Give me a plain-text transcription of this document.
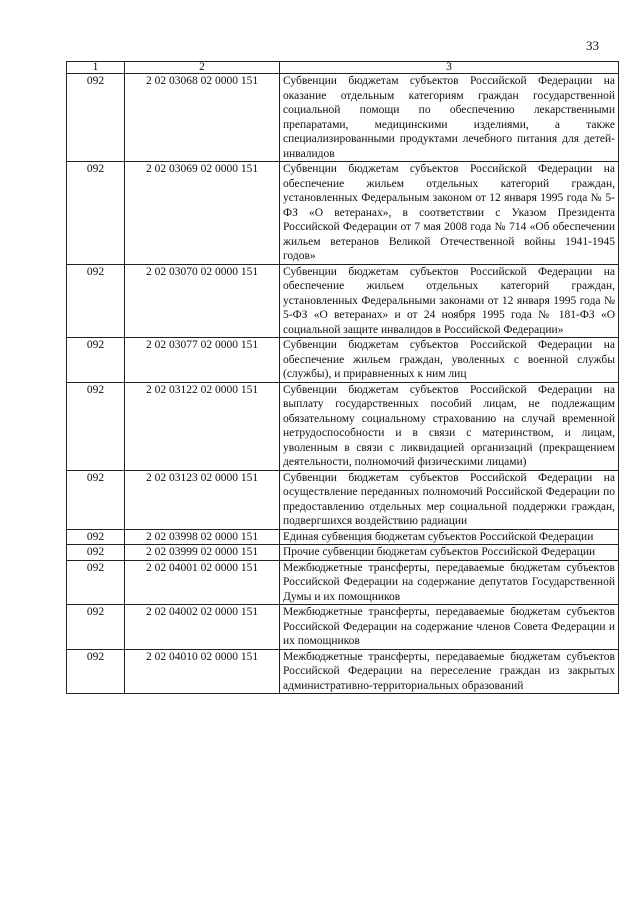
33
1	2	3
092	2 02 03068 02 0000 151	Субвенции бюджетам субъектов Российской Федерации на оказание отдельным категориям граждан государственной социальной помощи по обеспечению лекарственными препаратами, медицинскими изделиями, а также специализированными продуктами лечебного питания для детей-инвалидов
092	2 02 03069 02 0000 151	Субвенции бюджетам субъектов Российской Федерации на обеспечение жильем отдельных категорий граждан, установленных Федеральным законом от 12 января 1995 года № 5-ФЗ «О ветеранах», в соответствии с Указом Президента Российской Федерации от 7 мая 2008 года № 714 «Об обеспечении жильем ветеранов Великой Отечественной войны 1941-1945 годов»
092	2 02 03070 02 0000 151	Субвенции бюджетам субъектов Российской Федерации на обеспечение жильем отдельных категорий граждан, установленных Федеральными законами от 12 января 1995 года № 5-ФЗ «О ветеранах» и от 24 ноября 1995 года № 181-ФЗ «О социальной защите инвалидов в Российской Федерации»
092	2 02 03077 02 0000 151	Субвенции бюджетам субъектов Российской Федерации на обеспечение жильем граждан, уволенных с военной службы (службы), и приравненных к ним лиц
092	2 02 03122 02 0000 151	Субвенции бюджетам субъектов Российской Федерации на выплату государственных пособий лицам, не подлежащим обязательному социальному страхованию на случай временной нетрудоспособности и в связи с материнством, и лицам, уволенным в связи с ликвидацией организаций (прекращением деятельности, полномочий физическими лицами)
092	2 02 03123 02 0000 151	Субвенции бюджетам субъектов Российской Федерации на осуществление переданных полномочий Российской Федерации по предоставлению отдельных мер социальной поддержки граждан, подвергшихся воздействию радиации
092	2 02 03998 02 0000 151	Единая субвенция бюджетам субъектов Российской Федерации
092	2 02 03999 02 0000 151	Прочие субвенции бюджетам субъектов Российской Федерации
092	2 02 04001 02 0000 151	Межбюджетные трансферты, передаваемые бюджетам субъектов Российской Федерации на содержание депутатов Государственной Думы и их помощников
092	2 02 04002 02 0000 151	Межбюджетные трансферты, передаваемые бюджетам субъектов Российской Федерации на содержание членов Совета Федерации и их помощников
092	2 02 04010 02 0000 151	Межбюджетные трансферты, передаваемые бюджетам субъектов Российской Федерации на переселение граждан из закрытых административно-территориальных образований
